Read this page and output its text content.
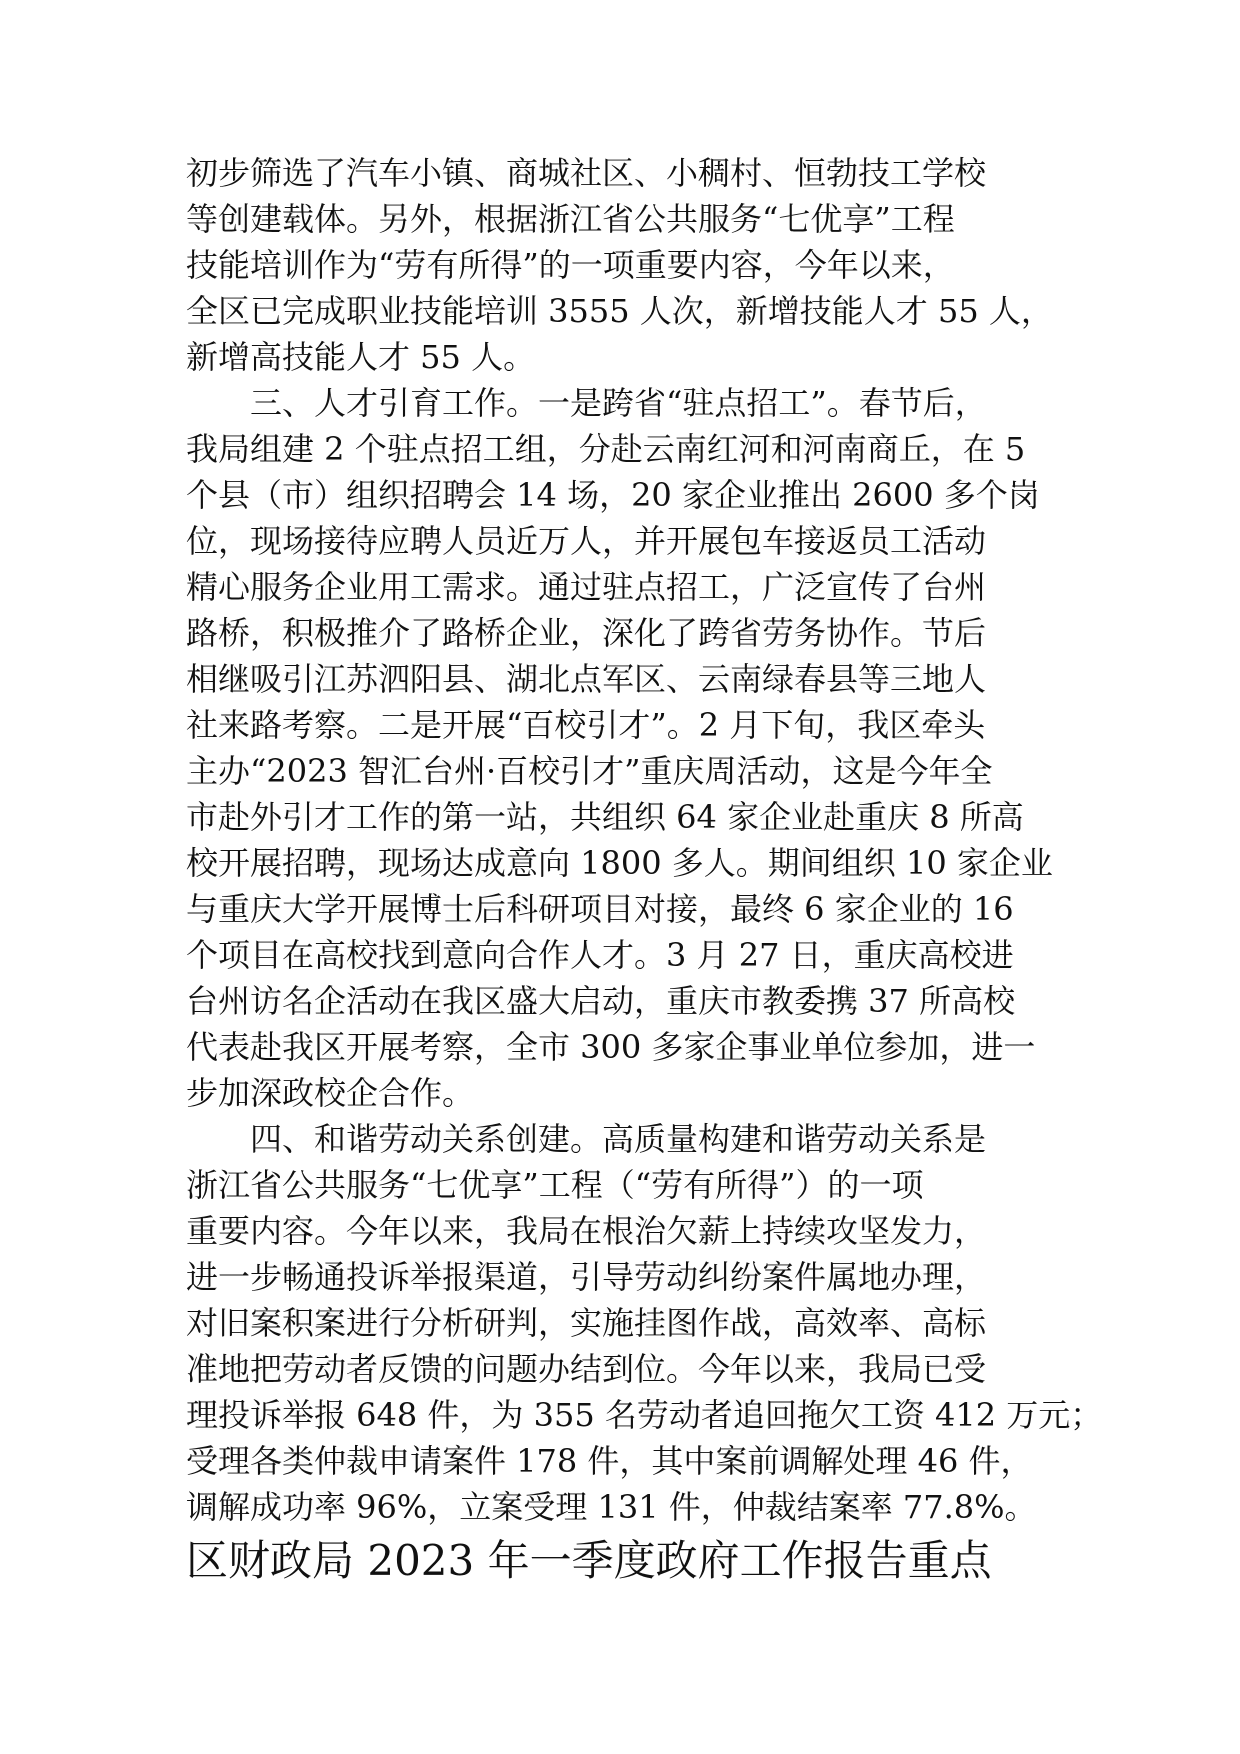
初步筛选了汽车小镇、商城社区、小稠村、恒勃技工学校
等创建载体。另外，根据浙江省公共服务“七优享”工程
技能培训作为“劳有所得”的一项重要内容，今年以来，
全区已完成职业技能培训 3555 人次，新增技能人才 55 人，
新增高技能人才 55 人。
三、人才引育工作。一是跨省“驻点招工”。春节后，
我局组建 2 个驻点招工组，分赴云南红河和河南商丘，在 5
个县（市）组织招聘会 14 场，20 家企业推出 2600 多个岗
位，现场接待应聘人员近万人，并开展包车接返员工活动
精心服务企业用工需求。通过驻点招工，广泛宣传了台州
路桥，积极推介了路桥企业，深化了跨省劳务协作。节后
相继吸引江苏泗阳县、湖北点军区、云南绿春县等三地人
社来路考察。二是开展“百校引才”。2 月下旬，我区牵头
主办“2023 智汇台州·百校引才”重庆周活动，这是今年全
市赴外引才工作的第一站，共组织 64 家企业赴重庆 8 所高
校开展招聘，现场达成意向 1800 多人。期间组织 10 家企业
与重庆大学开展博士后科研项目对接，最终 6 家企业的 16
个项目在高校找到意向合作人才。3 月 27 日，重庆高校进
台州访名企活动在我区盛大启动，重庆市教委携 37 所高校
代表赴我区开展考察，全市 300 多家企事业单位参加，进一
步加深政校企合作。
四、和谐劳动关系创建。高质量构建和谐劳动关系是
浙江省公共服务“七优享”工程（“劳有所得”）的一项
重要内容。今年以来，我局在根治欠薪上持续攻坚发力，
进一步畅通投诉举报渠道，引导劳动纠纷案件属地办理，
对旧案积案进行分析研判，实施挂图作战，高效率、高标
准地把劳动者反馈的问题办结到位。今年以来，我局已受
理投诉举报 648 件，为 355 名劳动者追回拖欠工资 412 万元；
受理各类仲裁申请案件 178 件，其中案前调解处理 46 件，
调解成功率 96%，立案受理 131 件，仲裁结案率 77.8%。
区财政局 2023 年一季度政府工作报告重点
